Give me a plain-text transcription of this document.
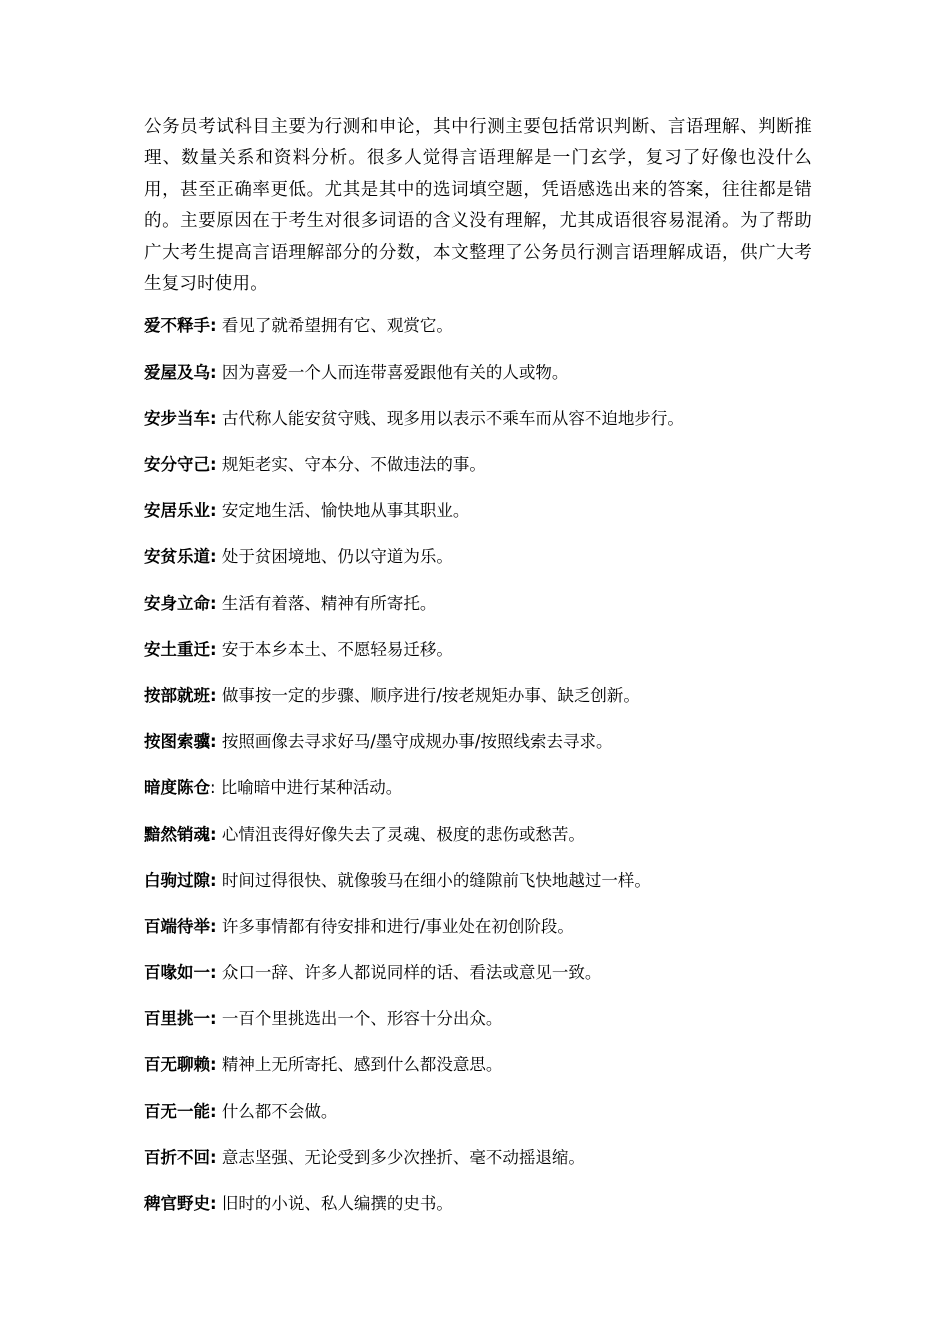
公务员考试科目主要为行测和申论，其中行测主要包括常识判断、言语理解、判断推理、数量关系和资料分析。很多人觉得言语理解是一门玄学，复习了好像也没什么用，甚至正确率更低。尤其是其中的选词填空题，凭语感选出来的答案，往往都是错的。主要原因在于考生对很多词语的含义没有理解，尤其成语很容易混淆。为了帮助广大考生提高言语理解部分的分数，本文整理了公务员行测言语理解成语，供广大考生复习时使用。

爱不释手: 看见了就希望拥有它、观赏它。

爱屋及乌: 因为喜爱一个人而连带喜爱跟他有关的人或物。

安步当车: 古代称人能安贫守贱、现多用以表示不乘车而从容不迫地步行。

安分守己: 规矩老实、守本分、不做违法的事。

安居乐业: 安定地生活、愉快地从事其职业。

安贫乐道: 处于贫困境地、仍以守道为乐。

安身立命: 生活有着落、精神有所寄托。

安土重迁: 安于本乡本土、不愿轻易迁移。

按部就班: 做事按一定的步骤、顺序进行/按老规矩办事、缺乏创新。

按图索骥: 按照画像去寻求好马/墨守成规办事/按照线索去寻求。

暗度陈仓: 比喻暗中进行某种活动。

黯然销魂: 心情沮丧得好像失去了灵魂、极度的悲伤或愁苦。

白驹过隙: 时间过得很快、就像骏马在细小的缝隙前飞快地越过一样。

百端待举: 许多事情都有待安排和进行/事业处在初创阶段。

百喙如一: 众口一辞、许多人都说同样的话、看法或意见一致。

百里挑一: 一百个里挑选出一个、形容十分出众。

百无聊赖: 精神上无所寄托、感到什么都没意思。

百无一能: 什么都不会做。

百折不回: 意志坚强、无论受到多少次挫折、毫不动摇退缩。

稗官野史: 旧时的小说、私人编撰的史书。
